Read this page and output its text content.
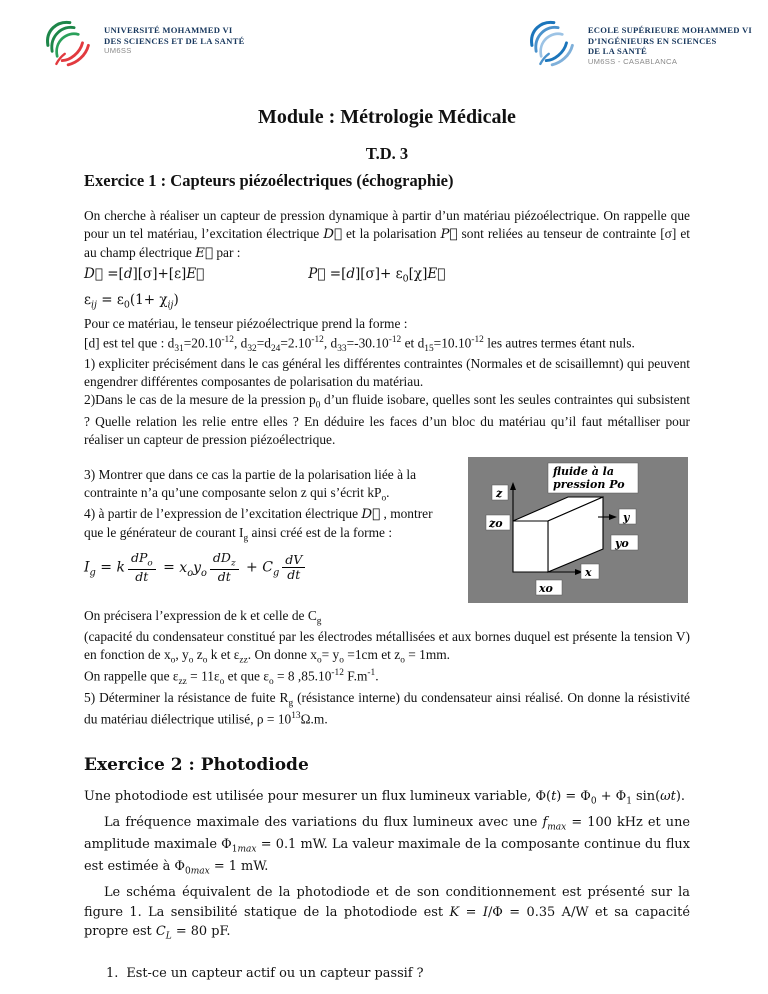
UNIVERSITÉ MOHAMMED VI
DES SCIENCES ET DE LA SANTÉ
UM6SS
ECOLE SUPÉRIEURE MOHAMMED VI
D’INGÉNIEURS EN SCIENCES
DE LA SANTÉ
UM6SS - CASABLANCA
Module : Métrologie Médicale
T.D. 3
Exercice 1 : Capteurs piézoélectriques (échographie)

On cherche à réaliser un capteur de pression dynamique à partir d’un matériau piézoélectrique. On rappelle que pour un tel matériau, l’excitation électrique D⃗ et la polarisation P⃗ sont reliées au tenseur de contrainte [σ] et au champ électrique E⃗ par :

D⃗ =[d][σ]+[ε]E⃗	P⃗ $=[d][\sigma]+ \varepsilon_0[\chi]E⃗$
$\varepsilon_{ij} = \varepsilon_0(1+ \chi_{ij})$

Pour ce matériau, le tenseur piézoélectrique prend la forme :

[d] est tel que : $d_{31}=20.10^{-12}$, $d_{32}=d_{24}=2.10^{-12}$, $d_{33}=-30.10^{-12}$ et $d_{15}=10.10^{-12}$ les autres termes étant nuls.

1) expliciter précisément dans le cas général les différentes contraintes (Normales et de scisaillemnt) qui peuvent engendrer différentes composantes de polarisation du matériau.

2)Dans le cas de la mesure de la pression $p_0$ d’un fluide isobare, quelles sont les seules contraintes qui subsistent ? Quelle relation les relie entre elles ? En déduire les faces d’un bloc du matériau qu’il faut métalliser pour réaliser un capteur de pression piézoélectrique.

3) Montrer que dans ce cas la partie de la polarisation liée à la contrainte n’a qu’une composante selon z qui s’écrit $kP_o$.

4) à partir de l’expression de l’excitation électrique D⃗ , montrer que le générateur de courant $I_g$ ainsi créé est de la forme :

$I_g = k \frac{dP_o}{dt} = x_oy_o \frac{dD_z}{dt} + C_g \frac{dV}{dt}$
fluide à la
pression Po
z
zo	y
yo
x
xo

On précisera l’expression de k et celle de $C_g$

(capacité du condensateur constitué par les électrodes métallisées et aux bornes duquel est présente la tension V) en fonction de $x_o$, $y_o$ $z_o$ k et $\varepsilon_{zz}$. On donne $x_o= y_o =1cm$ et $z_o = 1mm$.

On rappelle que $\varepsilon_{zz} = 11\varepsilon_o$ et que $\varepsilon_o = 8$ $,85.10^{-12}$ $F.m^{-1}$.

5) Déterminer la résistance de fuite $R_g$ (résistance interne) du condensateur ainsi réalisé. On donne la résistivité du matériau diélectrique utilisé, $\rho = 10^{13}\Omega.m$.

Exercice 2 : Photodiode

Une photodiode est utilisée pour mesurer un flux lumineux variable, $\Phi(t) = \Phi_0 + \Phi_1$ sin(ωt).

La fréquence maximale des variations du flux lumineux avec une $f_{max} = 100$ kHz et une amplitude maximale $\Phi_{1max} = 0.1$ mW. La valeur maximale de la composante continue du flux est estimée à $\Phi_{0max} = 1$ mW.

Le schéma équivalent de la photodiode et de son conditionnement est présenté sur la figure 1. La sensibilité statique de la photodiode est K = I/Φ = 0.35 A/W et sa capacité propre est $C_L = 80$ pF.

1. Est-ce un capteur actif ou un capteur passif ?
